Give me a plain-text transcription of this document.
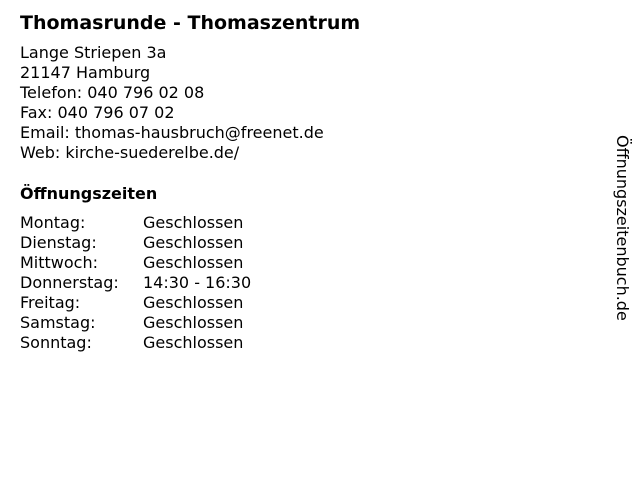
Thomasrunde - Thomaszentrum
Lange Striepen 3a
21147 Hamburg
Telefon: 040 796 02 08
Fax: 040 796 07 02
Email: thomas-hausbruch@freenet.de
Web: kirche-suederelbe.de/
Öffnungszeiten
Montag:	Geschlossen
Dienstag:	Geschlossen
Mittwoch:	Geschlossen
Donnerstag: 14:30 - 16:30
Freitag:	Geschlossen
Samstag:	Geschlossen
Sonntag:	Geschlossen
Öffnungszeitenbuch.de
